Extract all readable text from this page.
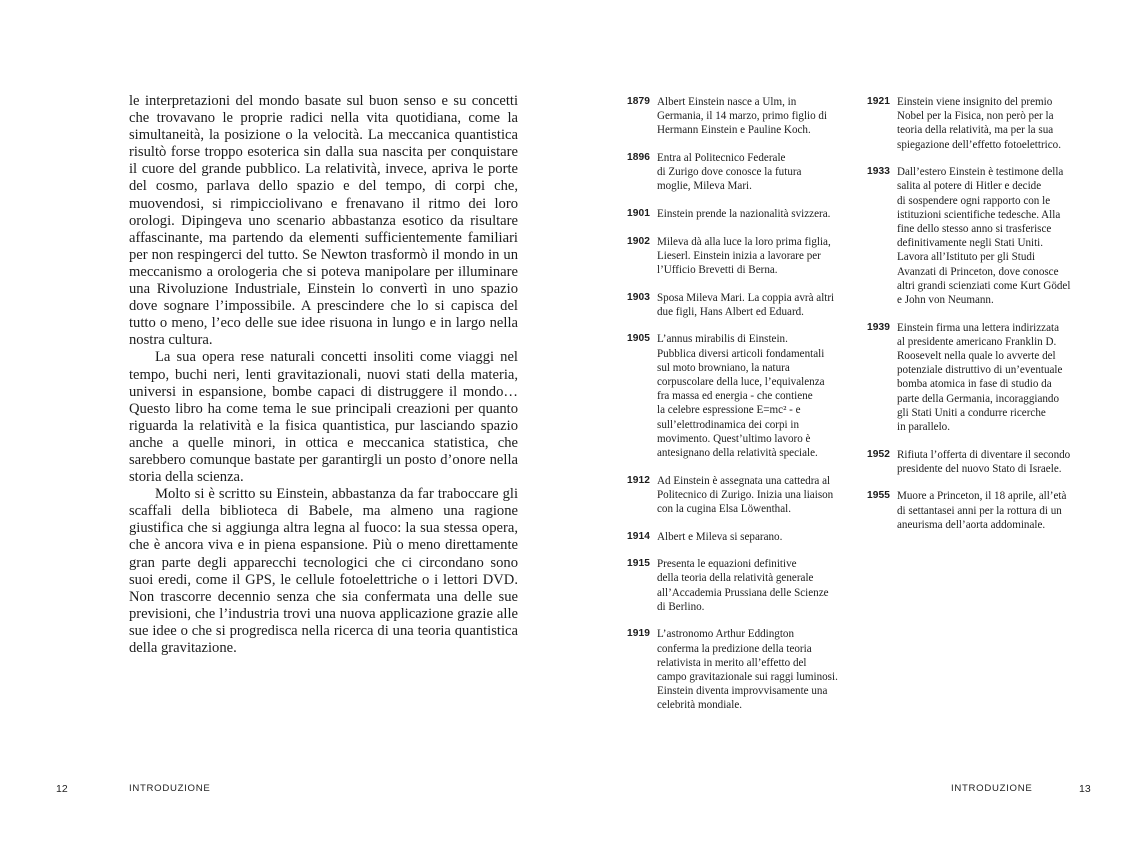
le interpretazioni del mondo basate sul buon senso e su concetti che trovavano le proprie radici nella vita quotidiana, come la simultaneità, la posizione o la velocità. La meccanica quantistica risultò forse troppo esoterica sin dalla sua nascita per conquistare il cuore del grande pubblico. La relatività, invece, apriva le porte del cosmo, parlava dello spazio e del tempo, di corpi che, muovendosi, si rimpicciolivano e frenavano il ritmo dei loro orologi. Dipingeva uno scenario abbastanza esotico da risultare affascinante, ma partendo da elementi sufficientemente familiari per non respingerci del tutto. Se Newton trasformò il mondo in un meccanismo a orologeria che si poteva manipolare per illuminare una Rivoluzione Industriale, Einstein lo convertì in uno spazio dove sognare l’impossibile. A prescindere che lo si capisca del tutto o meno, l’eco delle sue idee risuona in lungo e in largo nella nostra cultura.

La sua opera rese naturali concetti insoliti come viaggi nel tempo, buchi neri, lenti gravitazionali, nuovi stati della materia, universi in espansione, bombe capaci di distruggere il mondo… Questo libro ha come tema le sue principali creazioni per quanto riguarda la relatività e la fisica quantistica, pur lasciando spazio anche a quelle minori, in ottica e meccanica statistica, che sarebbero comunque bastate per garantirgli un posto d’onore nella storia della scienza.

Molto si è scritto su Einstein, abbastanza da far traboccare gli scaffali della biblioteca di Babele, ma almeno una ragione giustifica che si aggiunga altra legna al fuoco: la sua stessa opera, che è ancora viva e in piena espansione. Più o meno direttamente gran parte degli apparecchi tecnologici che ci circondano sono suoi eredi, come il GPS, le cellule fotoelettriche o i lettori DVD. Non trascorre decennio senza che sia confermata una delle sue previsioni, che l’industria trovi una nuova applicazione grazie alle sue idee o che si progredisca nella ricerca di una teoria quantistica della gravitazione.

1879 Albert Einstein nasce a Ulm, in
Germania, il 14 marzo, primo figlio di
Hermann Einstein e Pauline Koch.
1896 Entra al Politecnico Federale
di Zurigo dove conosce la futura
moglie, Mileva Mari.
1901 Einstein prende la nazionalità svizzera.
1902 Mileva dà alla luce la loro prima figlia,
Lieserl. Einstein inizia a lavorare per
l’Ufficio Brevetti di Berna.
1903 Sposa Mileva Mari. La coppia avrà altri
due figli, Hans Albert ed Eduard.
1905 L’annus mirabilis di Einstein.
Pubblica diversi articoli fondamentali
sul moto browniano, la natura
corpuscolare della luce, l’equivalenza
fra massa ed energia - che contiene
la celebre espressione E=mc² - e
sull’elettrodinamica dei corpi in
movimento. Quest’ultimo lavoro è
antesignano della relatività speciale.
1912 Ad Einstein è assegnata una cattedra al
Politecnico di Zurigo. Inizia una liaison
con la cugina Elsa Löwenthal.
1914 Albert e Mileva si separano.
1915 Presenta le equazioni definitive
della teoria della relatività generale
all’Accademia Prussiana delle Scienze
di Berlino.
1919 L’astronomo Arthur Eddington
conferma la predizione della teoria
relativista in merito all’effetto del
campo gravitazionale sui raggi luminosi.
Einstein diventa improvvisamente una
celebrità mondiale.
1921 Einstein viene insignito del premio
Nobel per la Fisica, non però per la
teoria della relatività, ma per la sua
spiegazione dell’effetto fotoelettrico.
1933 Dall’estero Einstein è testimone della
salita al potere di Hitler e decide
di sospendere ogni rapporto con le
istituzioni scientifiche tedesche. Alla
fine dello stesso anno si trasferisce
definitivamente negli Stati Uniti.
Lavora all’Istituto per gli Studi
Avanzati di Princeton, dove conosce
altri grandi scienziati come Kurt Gödel
e John von Neumann.
1939 Einstein firma una lettera indirizzata
al presidente americano Franklin D.
Roosevelt nella quale lo avverte del
potenziale distruttivo di un’eventuale
bomba atomica in fase di studio da
parte della Germania, incoraggiando
gli Stati Uniti a condurre ricerche
in parallelo.
1952 Rifiuta l’offerta di diventare il secondo
presidente del nuovo Stato di Israele.
1955 Muore a Princeton, il 18 aprile, all’età
di settantasei anni per la rottura di un
aneurisma dell’aorta addominale.
12	INTRODUZIONE	INTRODUZIONE	13
